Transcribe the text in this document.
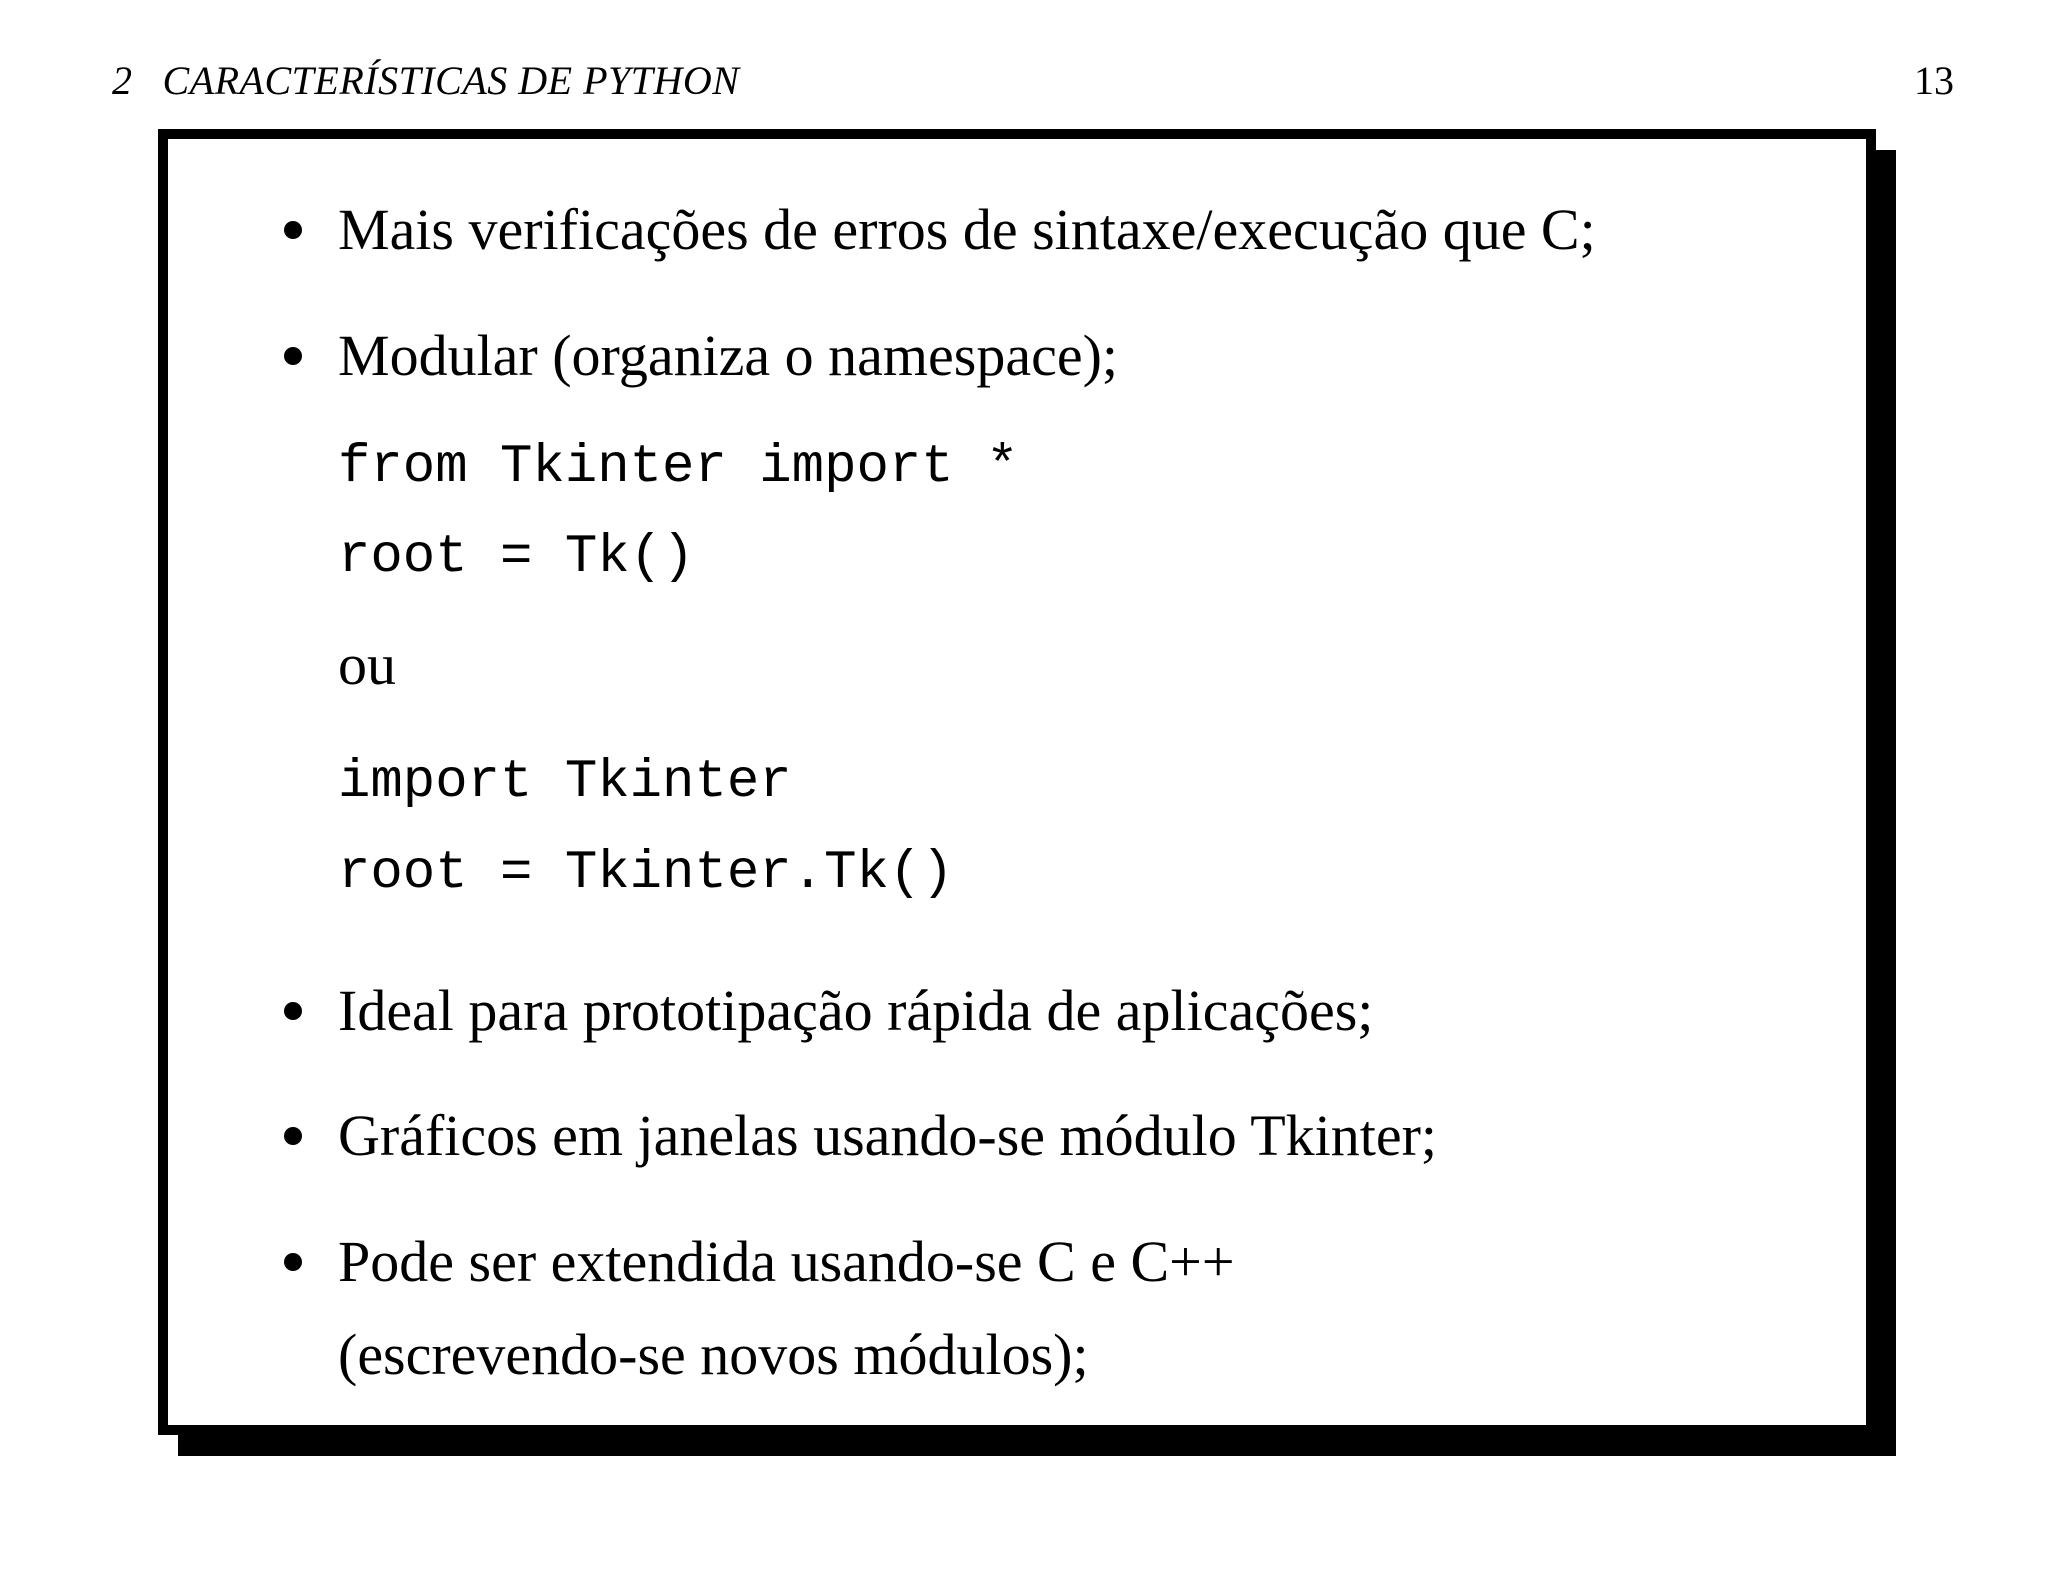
2 CARACTERÍSTICAS DE PYTHON	13
Mais verificações de erros de sintaxe/execução que C;
Modular (organiza o namespace);
from Tkinter import *
root = Tk()
ou
import Tkinter
root = Tkinter.Tk()
Ideal para prototipação rápida de aplicações;
Gráficos em janelas usando-se módulo Tkinter;
Pode ser extendida usando-se C e C++
(escrevendo-se novos módulos);
